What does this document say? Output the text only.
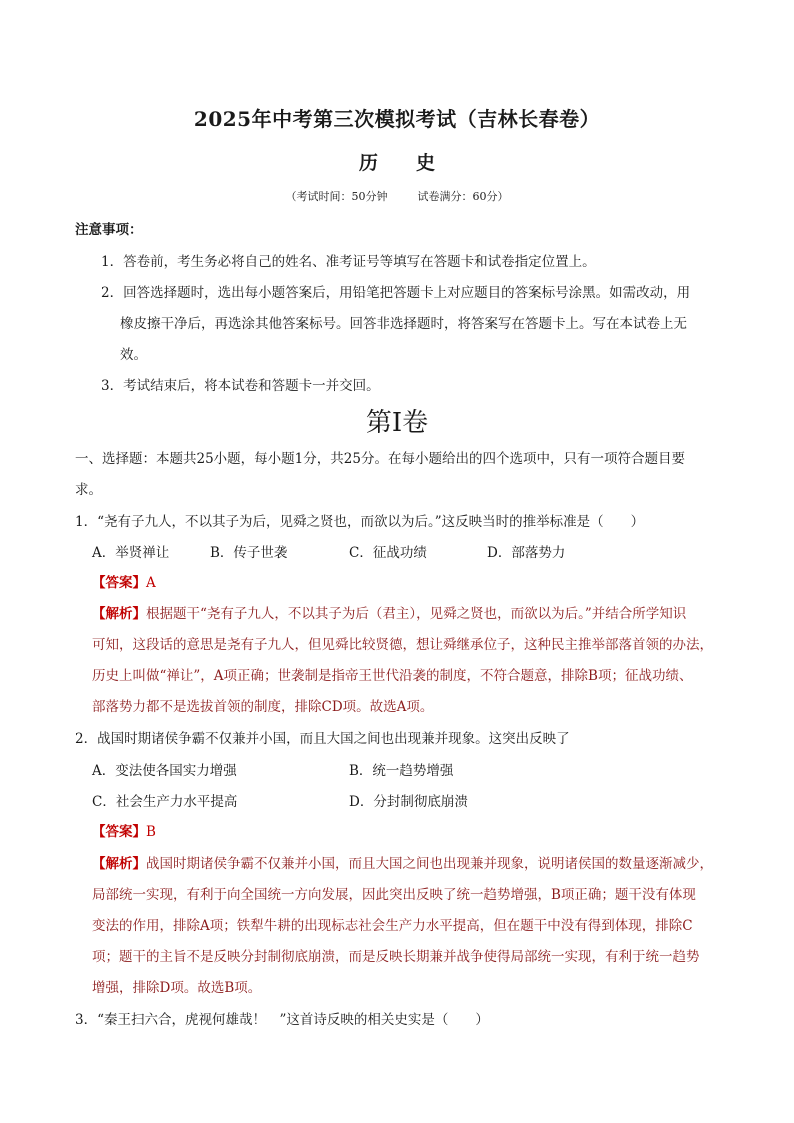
2025年中考第三次模拟考试（吉林长春卷）
历 史
（考试时间：50分钟	试卷满分：60分）
注意事项：
1．答卷前，考生务必将自己的姓名、准考证号等填写在答题卡和试卷指定位置上。
2．回答选择题时，选出每小题答案后，用铅笔把答题卡上对应题目的答案标号涂黑。如需改动，用
橡皮擦干净后，再选涂其他答案标号。回答非选择题时，将答案写在答题卡上。写在本试卷上无
效。
3．考试结束后，将本试卷和答题卡一并交回。
第Ⅰ卷
一、选择题：本题共25小题，每小题1分，共25分。在每小题给出的四个选项中，只有一项符合题目要
求。
1．“尧有子九人，不以其子为后，见舜之贤也，而欲以为后。”这反映当时的推举标准是（　　）
A．举贤禅让	B．传子世袭	C．征战功绩	D．部落势力
【答案】A
【解析】根据题干“尧有子九人，不以其子为后（君主），见舜之贤也，而欲以为后。”并结合所学知识
可知，这段话的意思是尧有子九人，但见舜比较贤德，想让舜继承位子，这种民主推举部落首领的办法，
历史上叫做“禅让”，A项正确；世袭制是指帝王世代沿袭的制度，不符合题意，排除B项；征战功绩、
部落势力都不是选拔首领的制度，排除CD项。故选A项。
2．战国时期诸侯争霸不仅兼并小国，而且大国之间也出现兼并现象。这突出反映了
A．变法使各国实力增强	B．统一趋势增强
C．社会生产力水平提高	D．分封制彻底崩溃
【答案】B
【解析】战国时期诸侯争霸不仅兼并小国，而且大国之间也出现兼并现象，说明诸侯国的数量逐渐减少，
局部统一实现，有利于向全国统一方向发展，因此突出反映了统一趋势增强，B项正确；题干没有体现
变法的作用，排除A项；铁犁牛耕的出现标志社会生产力水平提高，但在题干中没有得到体现，排除C
项；题干的主旨不是反映分封制彻底崩溃，而是反映长期兼并战争使得局部统一实现，有利于统一趋势
增强，排除D项。故选B项。
3．“秦王扫六合，虎视何雄哉！　”这首诗反映的相关史实是（　　）
